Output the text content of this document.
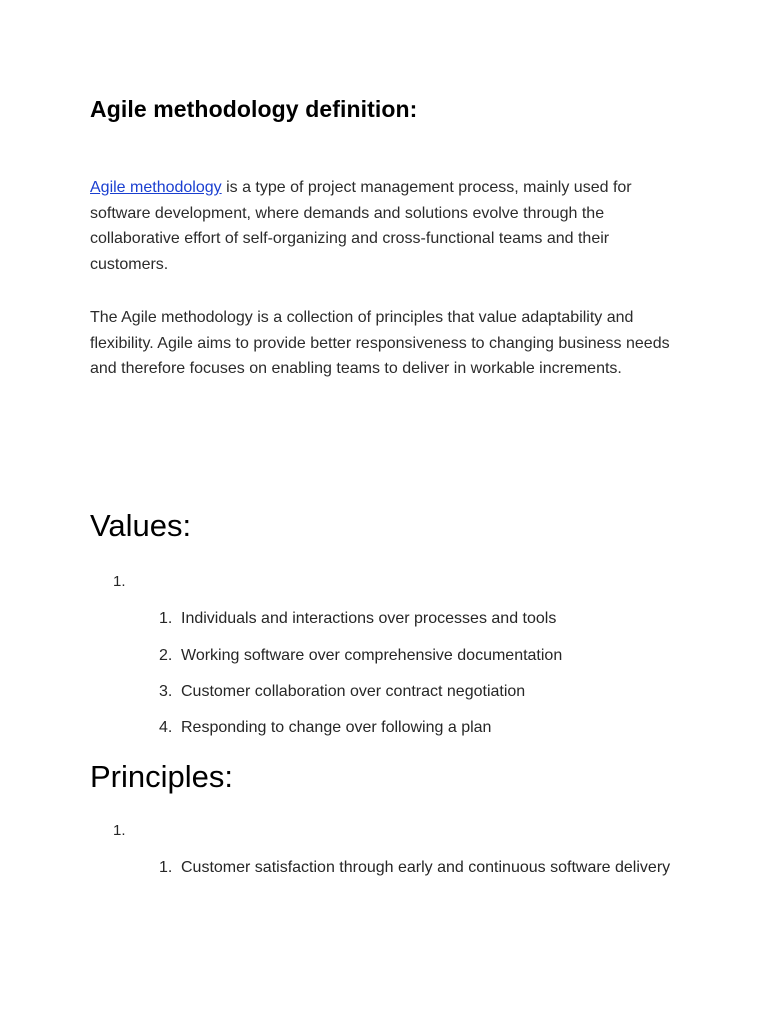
Agile methodology definition:

Agile methodology is a type of project management process, mainly used for software development, where demands and solutions evolve through the collaborative effort of self-organizing and cross-functional teams and their customers.

The Agile methodology is a collection of principles that value adaptability and flexibility. Agile aims to provide better responsiveness to changing business needs and therefore focuses on enabling teams to deliver in workable increments.

Values:
1.
1. Individuals and interactions over processes and tools
2. Working software over comprehensive documentation
3. Customer collaboration over contract negotiation
4. Responding to change over following a plan
Principles:
1.
1. Customer satisfaction through early and continuous software delivery
